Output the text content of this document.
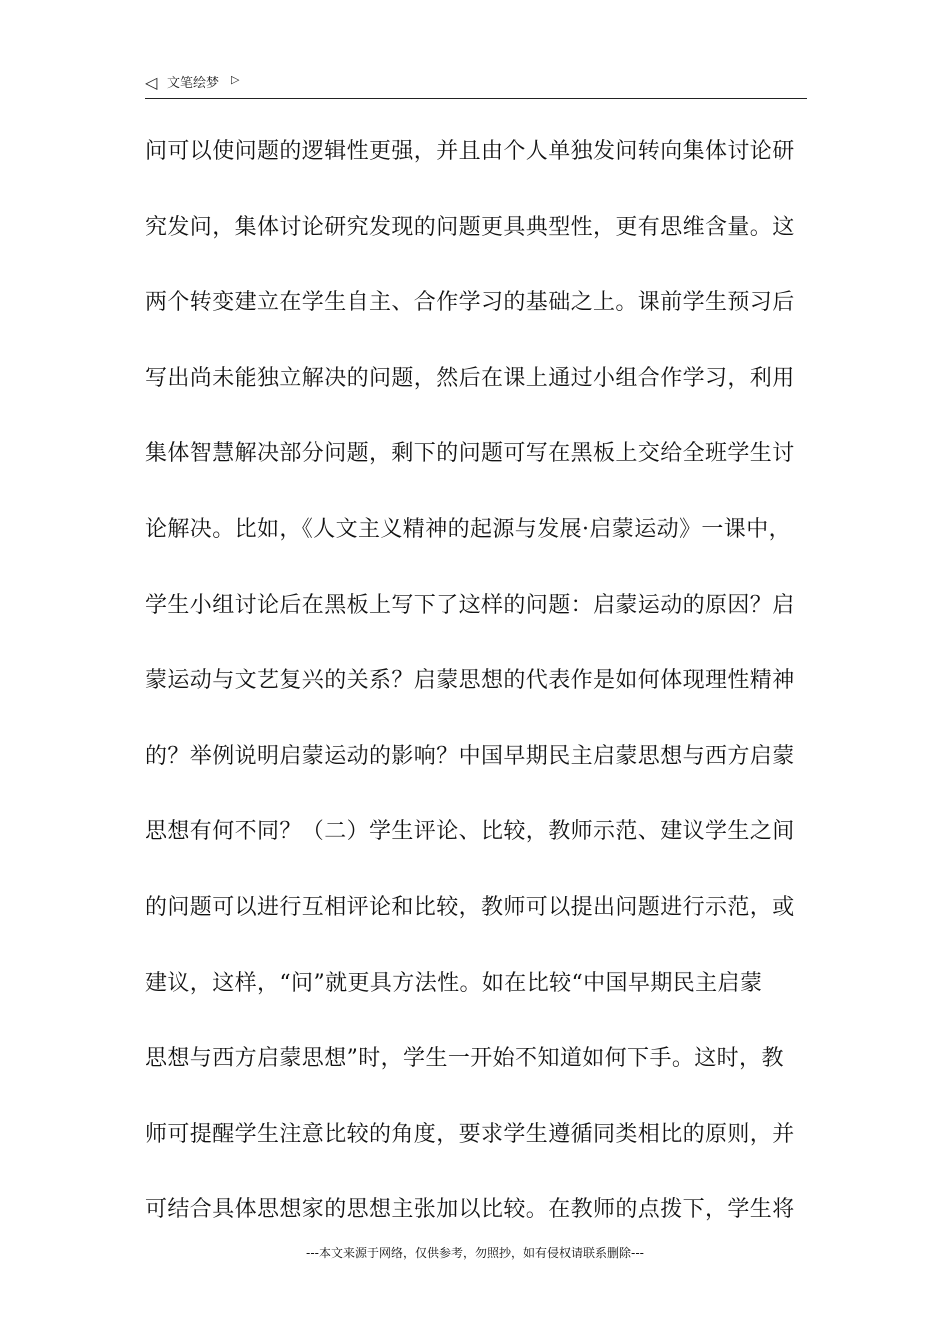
◁ 文笔绘梦 ▷
问可以使问题的逻辑性更强，并且由个人单独发问转向集体讨论研
究发问，集体讨论研究发现的问题更具典型性，更有思维含量。这
两个转变建立在学生自主、合作学习的基础之上。课前学生预习后
写出尚未能独立解决的问题，然后在课上通过小组合作学习，利用
集体智慧解决部分问题，剩下的问题可写在黑板上交给全班学生讨
论解决。比如，《人文主义精神的起源与发展·启蒙运动》一课中，
学生小组讨论后在黑板上写下了这样的问题：启蒙运动的原因？启
蒙运动与文艺复兴的关系？启蒙思想的代表作是如何体现理性精神
的？举例说明启蒙运动的影响？中国早期民主启蒙思想与西方启蒙
思想有何不同？（二）学生评论、比较，教师示范、建议学生之间
的问题可以进行互相评论和比较，教师可以提出问题进行示范，或
建议，这样，“问”就更具方法性。如在比较“中国早期民主启蒙
思想与西方启蒙思想”时，学生一开始不知道如何下手。这时，教
师可提醒学生注意比较的角度，要求学生遵循同类相比的原则，并
可结合具体思想家的思想主张加以比较。在教师的点拨下，学生将
---本文来源于网络，仅供参考，勿照抄，如有侵权请联系删除---
